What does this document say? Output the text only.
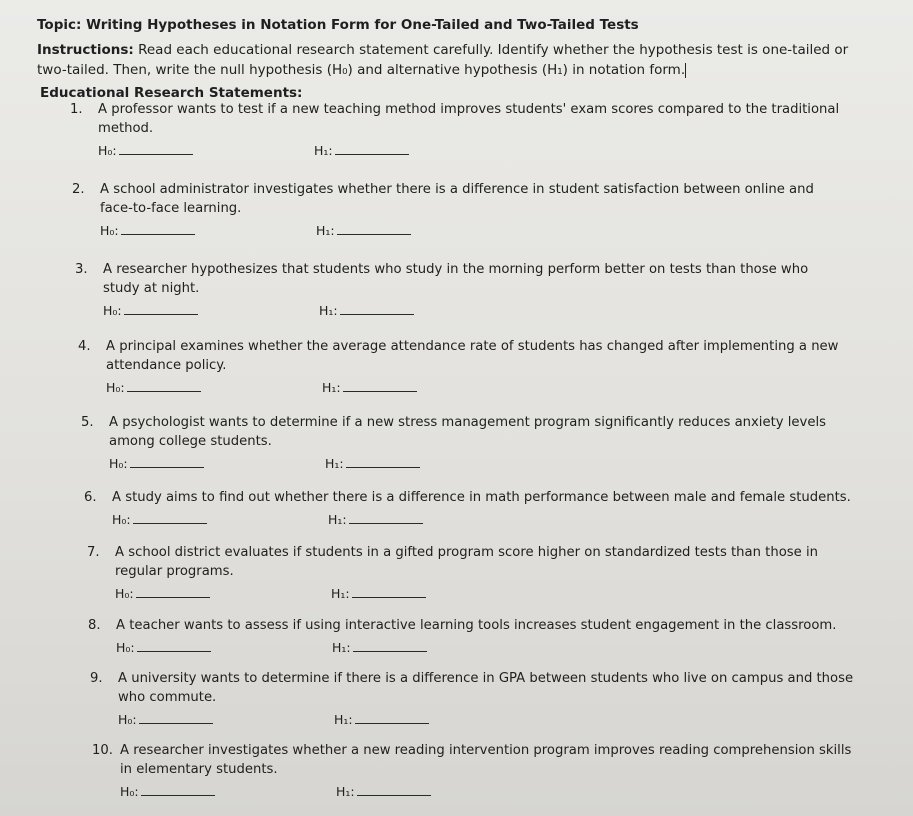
Topic: Writing Hypotheses in Notation Form for One-Tailed and Two-Tailed Tests

Instructions: Read each educational research statement carefully. Identify whether the hypothesis test is one-tailed or
two-tailed. Then, write the null hypothesis (H₀) and alternative hypothesis (H₁) in notation form.

Educational Research Statements:
1. A professor wants to test if a new teaching method improves students' exam scores compared to the traditional
method.
H₀:	H₁:
2. A school administrator investigates whether there is a difference in student satisfaction between online and
face-to-face learning.
H₀:	H₁:
3. A researcher hypothesizes that students who study in the morning perform better on tests than those who
study at night.
H₀:	H₁:
4. A principal examines whether the average attendance rate of students has changed after implementing a new
attendance policy.
H₀:	H₁:
5. A psychologist wants to determine if a new stress management program significantly reduces anxiety levels
among college students.
H₀:	H₁:
6. A study aims to find out whether there is a difference in math performance between male and female students.
H₀:	H₁:
7. A school district evaluates if students in a gifted program score higher on standardized tests than those in
regular programs.
H₀:	H₁:
8. A teacher wants to assess if using interactive learning tools increases student engagement in the classroom.
H₀:	H₁:
9. A university wants to determine if there is a difference in GPA between students who live on campus and those
who commute.
H₀:	H₁:
10. A researcher investigates whether a new reading intervention program improves reading comprehension skills
in elementary students.
H₀:	H₁:
